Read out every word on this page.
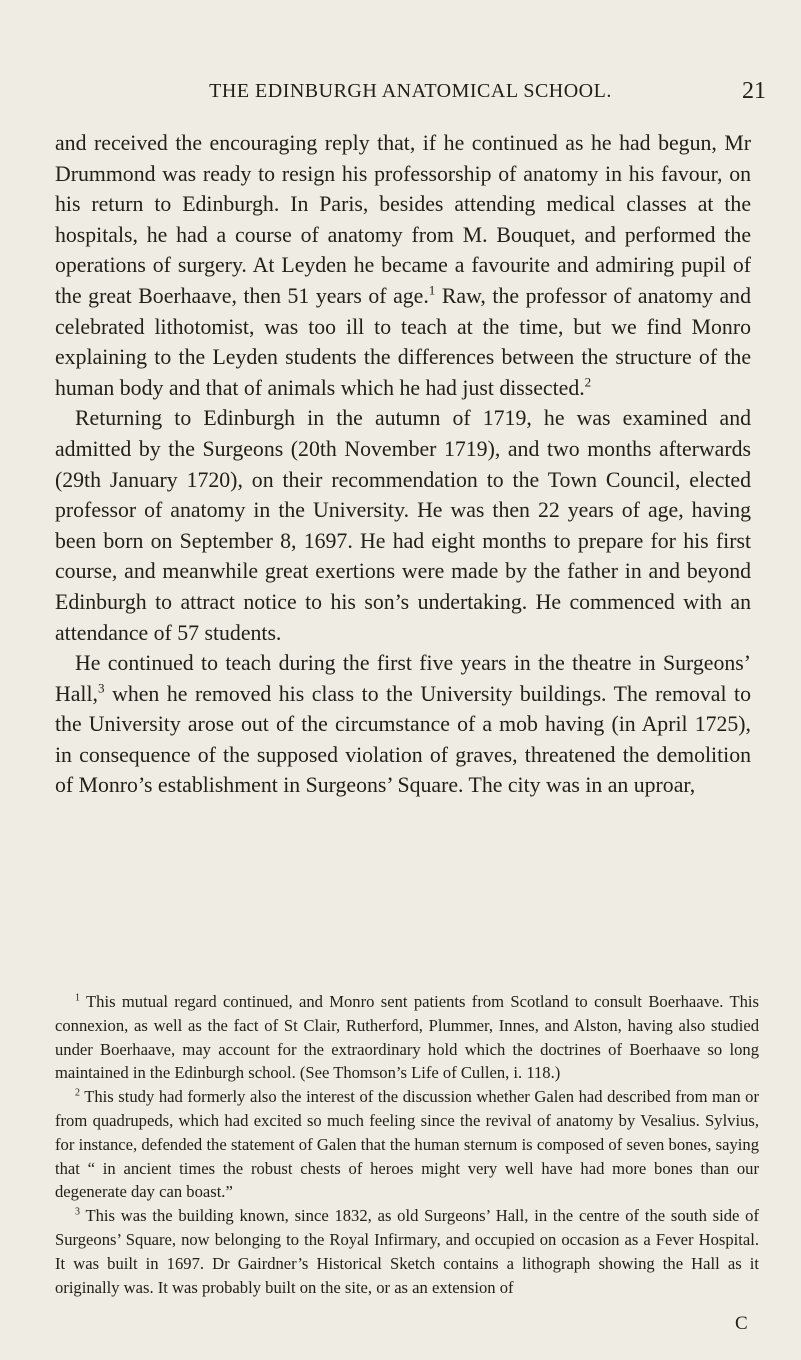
THE EDINBURGH ANATOMICAL SCHOOL.	21

and received the encouraging reply that, if he continued as he had begun, Mr Drummond was ready to resign his professorship of anatomy in his favour, on his return to Edinburgh. In Paris, besides attending medical classes at the hospitals, he had a course of anatomy from M. Bouquet, and performed the operations of surgery. At Leyden he became a favourite and admiring pupil of the great Boerhaave, then 51 years of age.$^1$ Raw, the professor of anatomy and celebrated lithotomist, was too ill to teach at the time, but we find Monro explaining to the Leyden students the differences between the structure of the human body and that of animals which he had just dissected.$^2$

Returning to Edinburgh in the autumn of 1719, he was examined and admitted by the Surgeons (20th November 1719), and two months afterwards (29th January 1720), on their recommendation to the Town Council, elected professor of anatomy in the University. He was then 22 years of age, having been born on September 8, 1697. He had eight months to prepare for his first course, and meanwhile great exertions were made by the father in and beyond Edinburgh to attract notice to his son’s undertaking. He commenced with an attendance of 57 students.

He continued to teach during the first five years in the theatre in Surgeons’ Hall,$^3$ when he removed his class to the University buildings. The removal to the University arose out of the circumstance of a mob having (in April 1725), in consequence of the supposed violation of graves, threatened the demolition of Monro’s establishment in Surgeons’ Square. The city was in an uproar,

$^1$ This mutual regard continued, and Monro sent patients from Scotland to consult Boerhaave. This connexion, as well as the fact of St Clair, Rutherford, Plummer, Innes, and Alston, having also studied under Boerhaave, may account for the extraordinary hold which the doctrines of Boerhaave so long maintained in the Edinburgh school. (See Thomson’s Life of Cullen, i. 118.)

$^2$ This study had formerly also the interest of the discussion whether Galen had described from man or from quadrupeds, which had excited so much feeling since the revival of anatomy by Vesalius. Sylvius, for instance, defended the statement of Galen that the human sternum is composed of seven bones, saying that “ in ancient times the robust chests of heroes might very well have had more bones than our degenerate day can boast.”

$^3$ This was the building known, since 1832, as old Surgeons’ Hall, in the centre of the south side of Surgeons’ Square, now belonging to the Royal Infirmary, and occupied on occasion as a Fever Hospital. It was built in 1697. Dr Gairdner’s Historical Sketch contains a lithograph showing the Hall as it originally was. It was probably built on the site, or as an extension of

C
